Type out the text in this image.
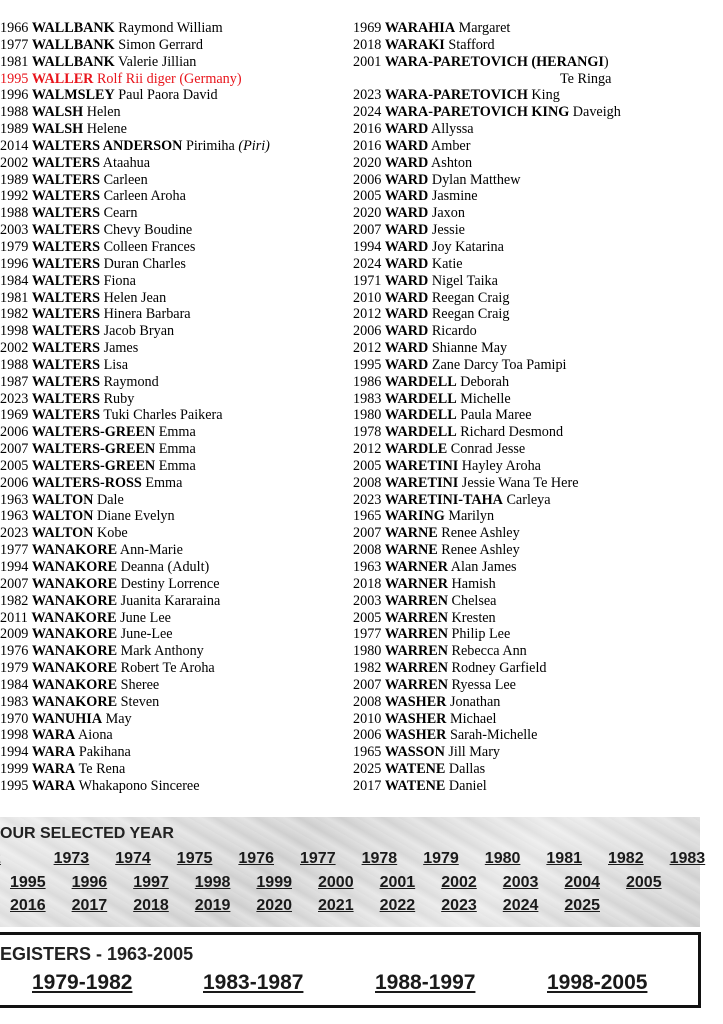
1966 WALLBANK Raymond William
1977 WALLBANK Simon Gerrard
1981 WALLBANK Valerie Jillian
1995 WALLER Rolf Rii diger (Germany)
1996 WALMSLEY Paul Paora David
1988 WALSH Helen
1989 WALSH Helene
2014 WALTERS ANDERSON Pirimiha (Piri)
2002 WALTERS Ataahua
1989 WALTERS Carleen
1992 WALTERS Carleen Aroha
1988 WALTERS Cearn
2003 WALTERS Chevy Boudine
1979 WALTERS Colleen Frances
1996 WALTERS Duran Charles
1984 WALTERS Fiona
1981 WALTERS Helen Jean
1982 WALTERS Hinera Barbara
1998 WALTERS Jacob Bryan
2002 WALTERS James
1988 WALTERS Lisa
1987 WALTERS Raymond
2023 WALTERS Ruby
1969 WALTERS Tuki Charles Paikera
2006 WALTERS-GREEN Emma
2007 WALTERS-GREEN Emma
2005 WALTERS-GREEN Emma
2006 WALTERS-ROSS Emma
1963 WALTON Dale
1963 WALTON Diane Evelyn
2023 WALTON Kobe
1977 WANAKORE Ann-Marie
1994 WANAKORE Deanna (Adult)
2007 WANAKORE Destiny Lorrence
1982 WANAKORE Juanita Kararaina
2011 WANAKORE June Lee
2009 WANAKORE June-Lee
1976 WANAKORE Mark Anthony
1979 WANAKORE Robert Te Aroha
1984 WANAKORE Sheree
1983 WANAKORE Steven
1970 WANUHIA May
1998 WARA Aiona
1994 WARA Pakihana
1999 WARA Te Rena
1995 WARA Whakapono Sinceree
1969 WARAHIA Margaret
2018 WARAKI Stafford
2001 WARA-PARETOVICH (HERANGI)
Te Ringa
2023 WARA-PARETOVICH King
2024 WARA-PARETOVICH KING Daveigh
2016 WARD Allyssa
2016 WARD Amber
2020 WARD Ashton
2006 WARD Dylan Matthew
2005 WARD Jasmine
2020 WARD Jaxon
2007 WARD Jessie
1994 WARD Joy Katarina
2024 WARD Katie
1971 WARD Nigel Taika
2010 WARD Reegan Craig
2012 WARD Reegan Craig
2006 WARD Ricardo
2012 WARD Shianne May
1995 WARD Zane Darcy Toa Pamipi
1986 WARDELL Deborah
1983 WARDELL Michelle
1980 WARDELL Paula Maree
1978 WARDELL Richard Desmond
2012 WARDLE Conrad Jesse
2005 WARETINI Hayley Aroha
2008 WARETINI Jessie Wana Te Here
2023 WARETINI-TAHA Carleya
1965 WARING Marilyn
2007 WARNE Renee Ashley
2008 WARNE Renee Ashley
1963 WARNER Alan James
2018 WARNER Hamish
2003 WARREN Chelsea
2005 WARREN Kresten
1977 WARREN Philip Lee
1980 WARREN Rebecca Ann
1982 WARREN Rodney Garfield
2007 WARREN Ryessa Lee
2008 WASHER Jonathan
2010 WASHER Michael
2006 WASHER Sarah-Michelle
1965 WASSON Jill Mary
2025 WATENE Dallas
2017 WATENE Daniel
OUR SELECTED YEAR
1973 1974 1975 1976 1977 1978 1979 1980 1981 1982 1983
1995 1996 1997 1998 1999 2000 2001 2002 2003 2004 2005
2016 2017 2018 2019 2020 2021 2022 2023 2024 2025
EGISTERS - 1963-2005
1979-1982	1983-1987	1988-1997	1998-2005
